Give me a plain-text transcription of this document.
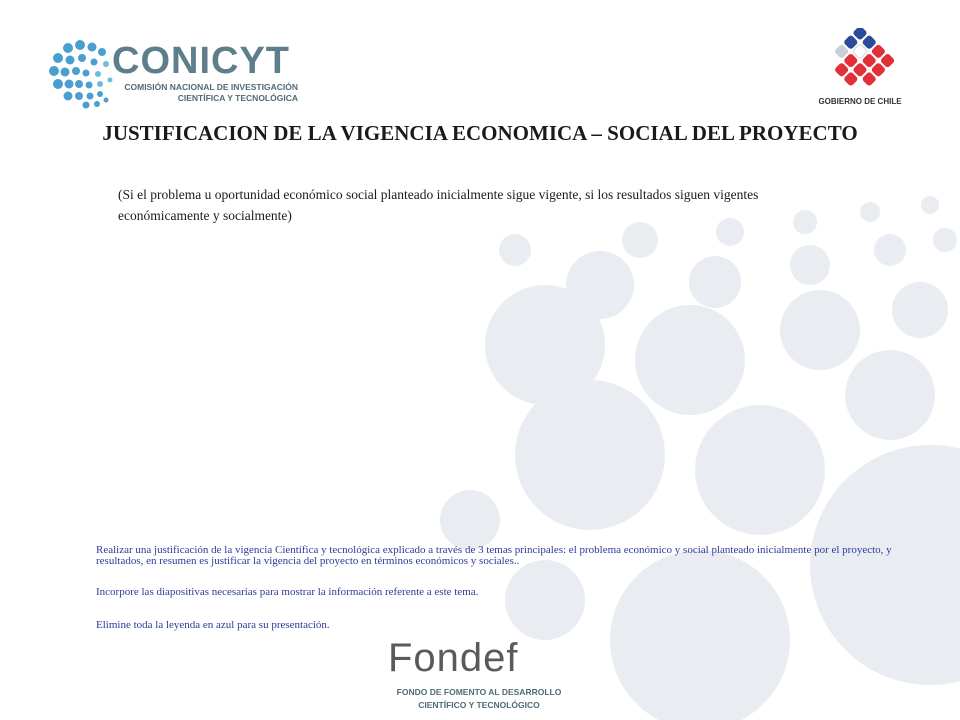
CONICYT
COMISIÓN NACIONAL DE INVESTIGACIÓN
CIENTÍFICA Y TECNOLÓGICA	GOBIERNO DE CHILE
JUSTIFICACION DE LA VIGENCIA ECONOMICA – SOCIAL DEL PROYECTO
(Si el problema u oportunidad económico social planteado inicialmente sigue vigente, si los resultados siguen vigentes económicamente y socialmente)
Realizar una justificación de la vigencia Científica y tecnológica explicado a través de 3 temas principales: el problema económico y social planteado inicialmente por el proyecto, y resultados, en resumen es justificar la vigencia del proyecto en términos económicos y sociales..
Incorpore las diapositivas necesarias para mostrar la información referente a este tema.
Elimine toda la leyenda en azul para su presentación.
Fondef
FONDO DE FOMENTO AL DESARROLLO
CIENTÍFICO Y TECNOLÓGICO
